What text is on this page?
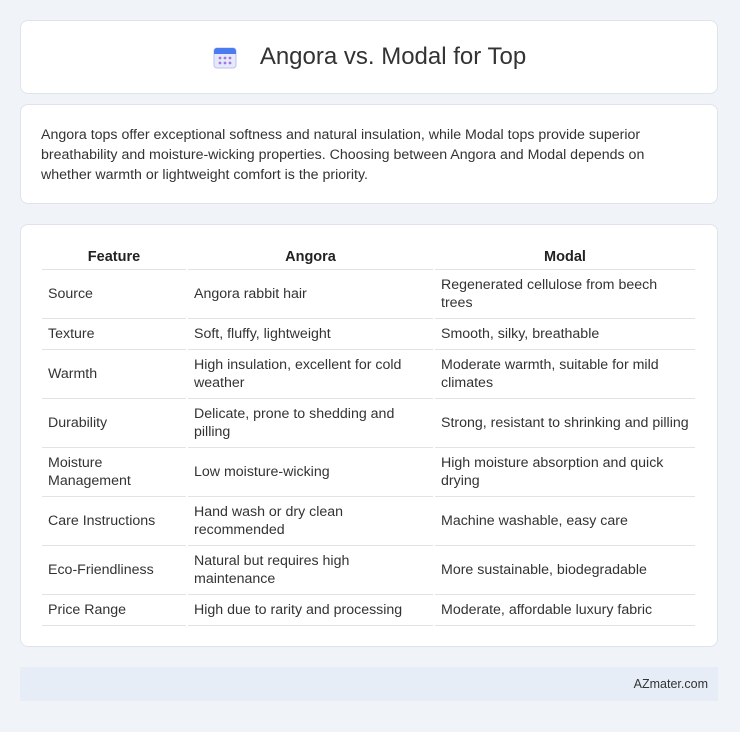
Angora vs. Modal for Top

Angora tops offer exceptional softness and natural insulation, while Modal tops provide superior breathability and moisture-wicking properties. Choosing between Angora and Modal depends on whether warmth or lightweight comfort is the priority.

Feature	Angora	Modal
Source	Angora rabbit hair	Regenerated cellulose from beech trees
Texture	Soft, fluffy, lightweight	Smooth, silky, breathable
Warmth	High insulation, excellent for cold weather	Moderate warmth, suitable for mild climates
Durability	Delicate, prone to shedding and pilling	Strong, resistant to shrinking and pilling
Moisture Management	Low moisture-wicking	High moisture absorption and quick drying
Care Instructions	Hand wash or dry clean recommended	Machine washable, easy care
Eco-Friendliness	Natural but requires high maintenance	More sustainable, biodegradable
Price Range	High due to rarity and processing	Moderate, affordable luxury fabric
AZmater.com
